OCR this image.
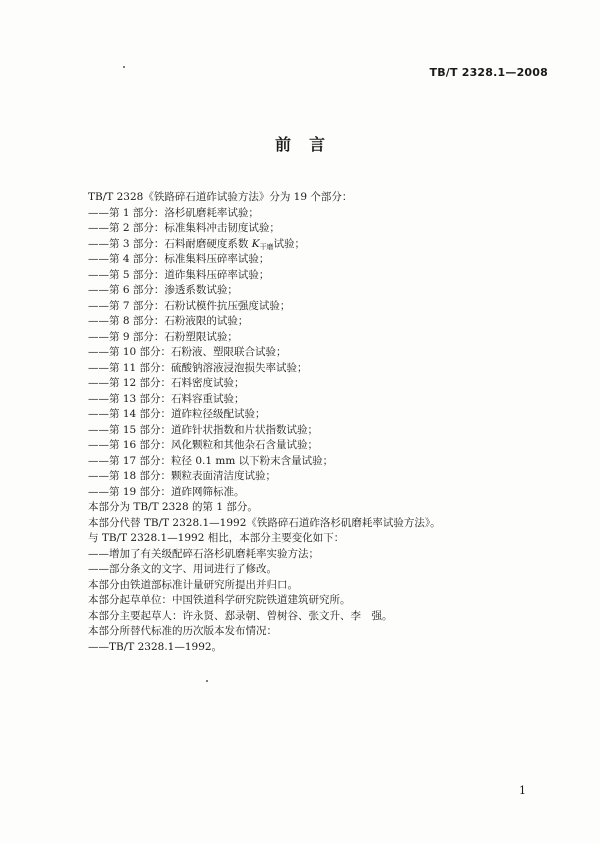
TB/T 2328.1—2008
前言
TB/T 2328《铁路碎石道砟试验方法》分为 19 个部分：
——第 1 部分：洛杉矶磨耗率试验；
——第 2 部分：标准集料冲击韧度试验；
——第 3 部分：石料耐磨硬度系数 $K_{干磨}$试验；
——第 4 部分：标准集料压碎率试验；
——第 5 部分：道砟集料压碎率试验；
——第 6 部分：渗透系数试验；
——第 7 部分：石粉试模件抗压强度试验；
——第 8 部分：石粉液限的试验；
——第 9 部分：石粉塑限试验；
——第 10 部分：石粉液、塑限联合试验；
——第 11 部分：硫酸钠溶液浸泡损失率试验；
——第 12 部分：石料密度试验；
——第 13 部分：石料容重试验；
——第 14 部分：道砟粒径级配试验；
——第 15 部分：道砟针状指数和片状指数试验；
——第 16 部分：风化颗粒和其他杂石含量试验；
——第 17 部分：粒径 0.1 mm 以下粉末含量试验；
——第 18 部分：颗粒表面清洁度试验；
——第 19 部分：道砟网筛标准。
本部分为 TB/T 2328 的第 1 部分。
本部分代替 TB/T 2328.1—1992《铁路碎石道砟洛杉矶磨耗率试验方法》。
与 TB/T 2328.1—1992 相比，本部分主要变化如下：
——增加了有关级配碎石洛杉矶磨耗率实验方法；
——部分条文的文字、用词进行了修改。
本部分由铁道部标准计量研究所提出并归口。
本部分起草单位：中国铁道科学研究院铁道建筑研究所。
本部分主要起草人：许永贤、郄录朝、曾树谷、张文升、李　强。
本部分所替代标准的历次版本发布情况：
——TB/T 2328.1—1992。
1
